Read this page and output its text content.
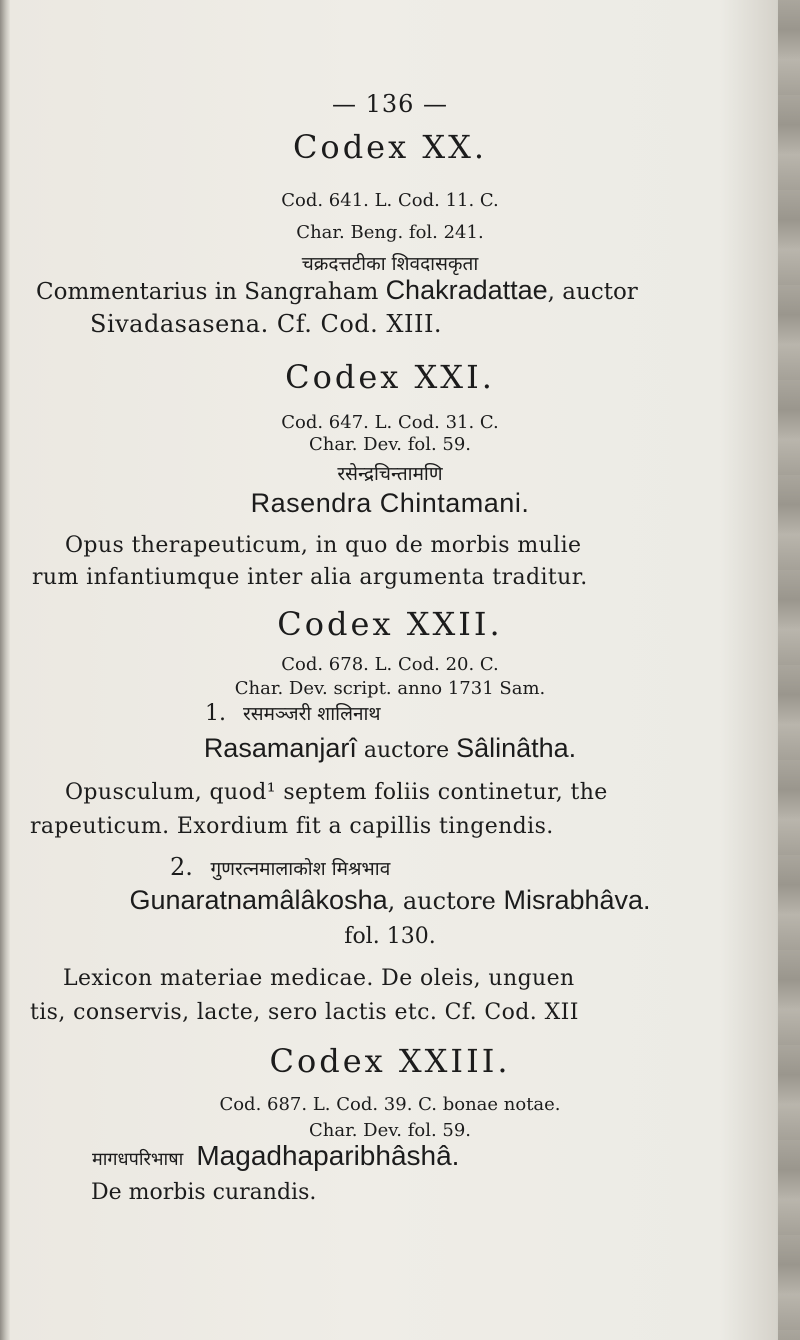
— 136 —
Codex XX.
Cod. 641. L. Cod. 11. C.
Char. Beng. fol. 241.
चक्रदत्तटीका शिवदासकृता
Commentarius in Sangraham Chakradattae, auctor
Sivadasasena. Cf. Cod. XIII.
Codex XXI.
Cod. 647. L. Cod. 31. C.
Char. Dev. fol. 59.
रसेन्द्रचिन्तामणि
Rasendra Chintamani.
Opus therapeuticum, in quo de morbis mulie
rum infantiumque inter alia argumenta traditur.
Codex XXII.
Cod. 678. L. Cod. 20. C.
Char. Dev. script. anno 1731 Sam.
1. रसमञ्जरी शालिनाथ
Rasamanjarî auctore Sâlinâtha.
Opusculum, quod¹ septem foliis continetur, the
rapeuticum. Exordium fit a capillis tingendis.
2. गुणरत्नमालाकोश मिश्रभाव
Gunaratnamâlâkosha, auctore Misrabhâva.
fol. 130.
Lexicon materiae medicae. De oleis, unguen
tis, conservis, lacte, sero lactis etc. Cf. Cod. XII
Codex XXIII.
Cod. 687. L. Cod. 39. C. bonae notae.
Char. Dev. fol. 59.
मागधपरिभाषा Magadhaparibhâshâ.
De morbis curandis.
